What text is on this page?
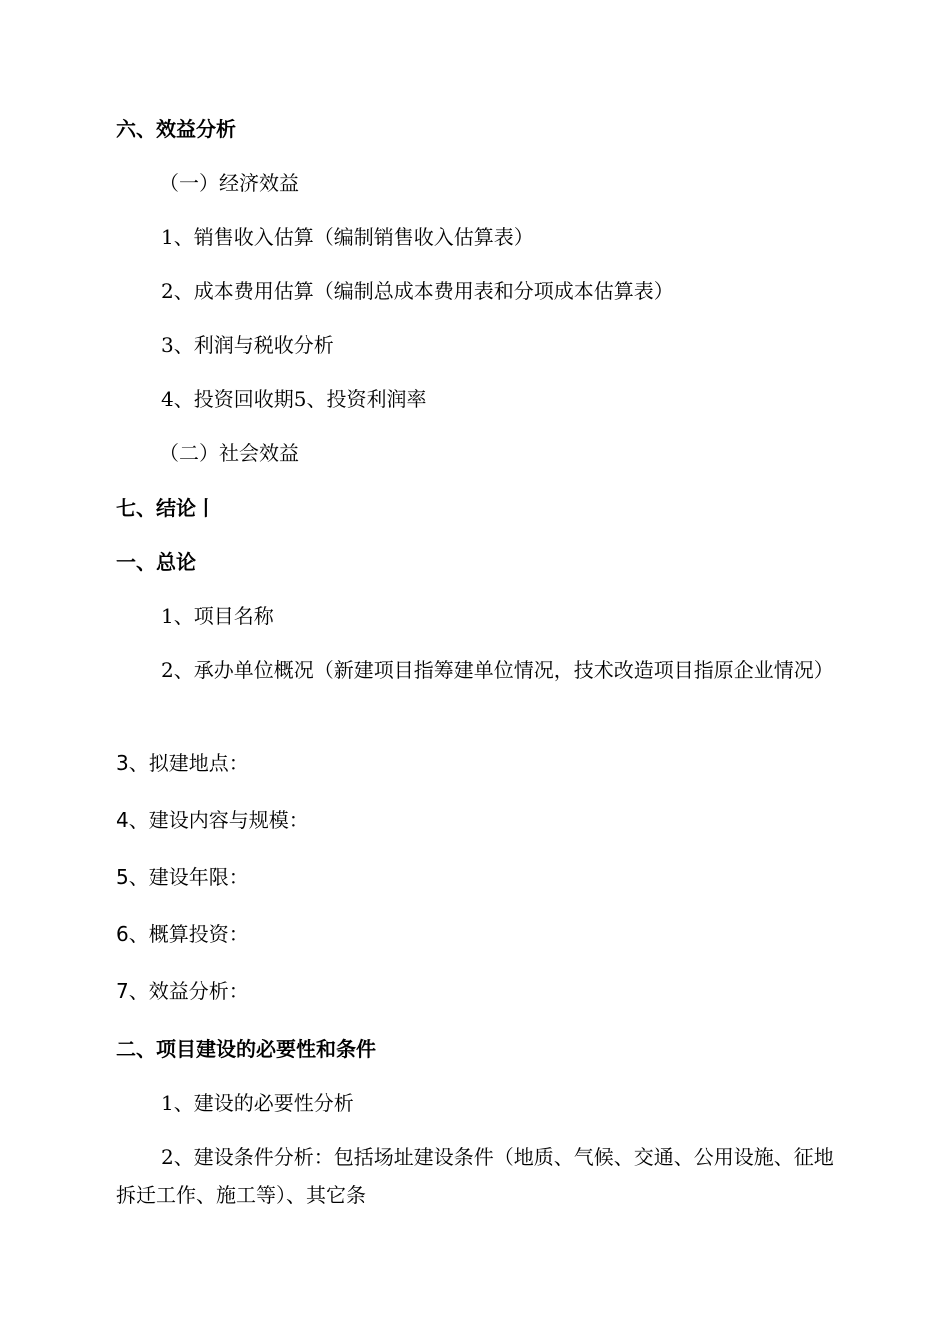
六、效益分析
（一）经济效益
1、销售收入估算（编制销售收入估算表）
2、成本费用估算（编制总成本费用表和分项成本估算表）
3、利润与税收分析
4、投资回收期5、投资利润率
（二）社会效益
七、结论丨
一、总论
1、项目名称
2、承办单位概况（新建项目指筹建单位情况，技术改造项目指原企业情况）
3、拟建地点：
4、建设内容与规模：
5、建设年限：
6、概算投资：
7、效益分析：
二、项目建设的必要性和条件
1、建设的必要性分析
2、建设条件分析：包括场址建设条件（地质、气候、交通、公用设施、征地拆迁工作、施工等）、其它条
